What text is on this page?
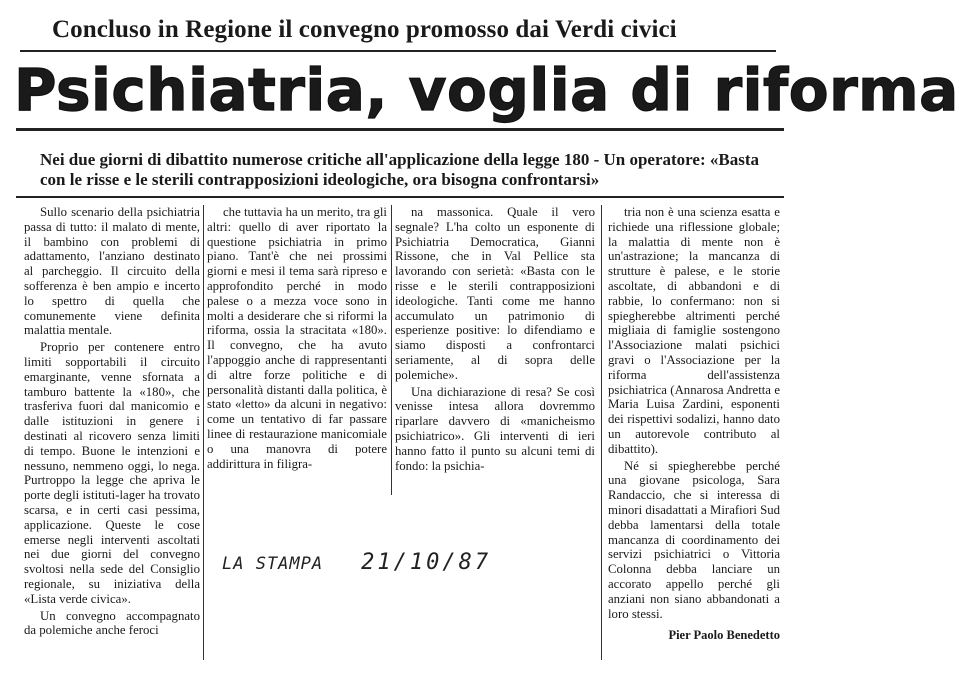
Concluso in Regione il convegno promosso dai Verdi civici
Psichiatria, voglia di riforma
Nei due giorni di dibattito numerose critiche all'applicazione della legge 180 - Un operatore: «Basta con le risse e le sterili contrapposizioni ideologiche, ora bisogna confrontarsi»

Sullo scenario della psichiatria passa di tutto: il malato di mente, il bambino con problemi di adattamento, l'anziano destinato al parcheggio. Il circuito della sofferenza è ben ampio e incerto lo spettro di quella che comunemente viene definita malattia mentale.

Proprio per contenere entro limiti sopportabili il circuito emarginante, venne sfornata a tamburo battente la «180», che trasferiva fuori dal manicomio e dalle istituzioni in genere i destinati al ricovero senza limiti di tempo. Buone le intenzioni e nessuno, nemmeno oggi, lo nega. Purtroppo la legge che apriva le porte degli istituti-lager ha trovato scarsa, e in certi casi pessima, applicazione. Queste le cose emerse negli interventi ascoltati nei due giorni del convegno svoltosi nella sede del Consiglio regionale, su iniziativa della «Lista verde civica».

Un convegno accompagnato da polemiche anche feroci

che tuttavia ha un merito, tra gli altri: quello di aver riportato la questione psichiatria in primo piano. Tant'è che nei prossimi giorni e mesi il tema sarà ripreso e approfondito perché in modo palese o a mezza voce sono in molti a desiderare che si riformi la riforma, ossia la stracitata «180». Il convegno, che ha avuto l'appoggio anche di rappresentanti di altre forze politiche e di personalità distanti dalla politica, è stato «letto» da alcuni in negativo: come un tentativo di far passare linee di restaurazione manicomiale o una manovra di potere addirittura in filigra-

na massonica. Quale il vero segnale? L'ha colto un esponente di Psichiatria Democratica, Gianni Rissone, che in Val Pellice sta lavorando con serietà: «Basta con le risse e le sterili contrapposizioni ideologiche. Tanti come me hanno accumulato un patrimonio di esperienze positive: lo difendiamo e siamo disposti a confrontarci seriamente, al di sopra delle polemiche».

Una dichiarazione di resa? Se così venisse intesa allora dovremmo riparlare davvero di «manicheismo psichiatrico». Gli interventi di ieri hanno fatto il punto su alcuni temi di fondo: la psichia-

tria non è una scienza esatta e richiede una riflessione globale; la malattia di mente non è un'astrazione; la mancanza di strutture è palese, e le storie ascoltate, di abbandoni e di rabbie, lo confermano: non si spiegherebbe altrimenti perché migliaia di famiglie sostengono l'Associazione malati psichici gravi o l'Associazione per la riforma dell'assistenza psichiatrica (Annarosa Andretta e Maria Luisa Zardini, esponenti dei rispettivi sodalizi, hanno dato un autorevole contributo al dibattito).

Né si spiegherebbe perché una giovane psicologa, Sara Randaccio, che si interessa di minori disadattati a Mirafiori Sud debba lamentarsi della totale mancanza di coordinamento dei servizi psichiatrici o Vittoria Colonna debba lanciare un accorato appello perché gli anziani non siano abbandonati a loro stessi.

Pier Paolo Benedetto
LA STAMPA 21/10/87
